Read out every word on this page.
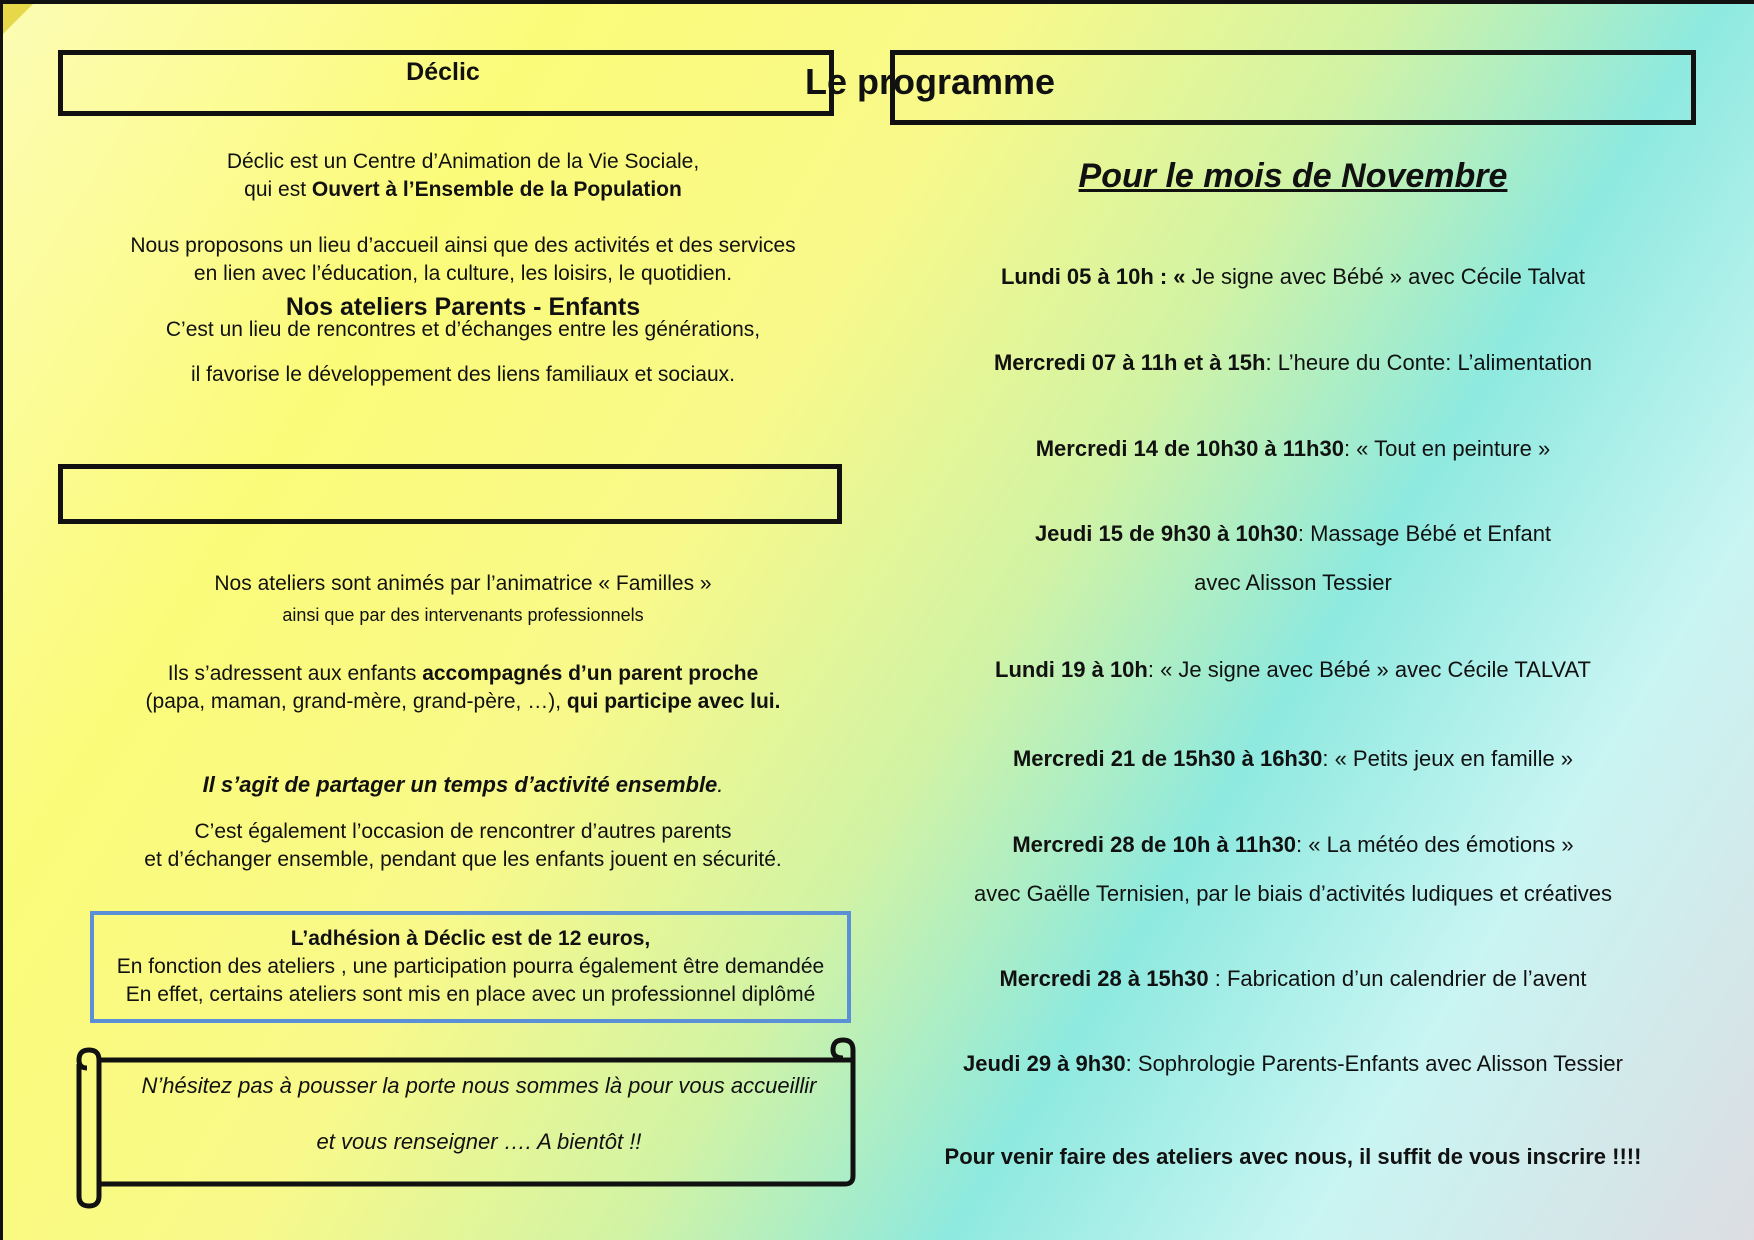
Déclic

Déclic est un Centre d’Animation de la Vie Sociale,

qui est Ouvert à l’Ensemble de la Population

Nous proposons un lieu d’accueil ainsi que des activités et des services

en lien avec l’éducation, la culture, les loisirs, le quotidien.

Nos ateliers Parents - Enfants

C’est un lieu de rencontres et d’échanges entre les générations,

il favorise le développement des liens familiaux et sociaux.

Nos ateliers sont animés par l’animatrice « Familles »

ainsi que par des intervenants professionnels

Ils s’adressent aux enfants accompagnés d’un parent proche

(papa, maman, grand-mère, grand-père, …), qui participe avec lui.

Il s’agit de partager un temps d’activité ensemble.

C’est également l’occasion de rencontrer d’autres parents

et d’échanger ensemble, pendant que les enfants jouent en sécurité.

L’adhésion à Déclic est de 12 euros,

En fonction des ateliers , une participation pourra également être demandée

En effet, certains ateliers sont mis en place avec un professionnel diplômé

N’hésitez pas à pousser la porte nous sommes là pour vous accueillir

et vous renseigner …. A bientôt !!

Le programme

Pour le mois de Novembre

Lundi 05 à 10h : « Je signe avec Bébé » avec Cécile Talvat

Mercredi 07 à 11h et à 15h: L’heure du Conte: L’alimentation

Mercredi 14 de 10h30 à 11h30: « Tout en peinture »

Jeudi 15 de 9h30 à 10h30: Massage Bébé et Enfant

avec Alisson Tessier

Lundi 19 à 10h: « Je signe avec Bébé » avec Cécile TALVAT

Mercredi 21 de 15h30 à 16h30: « Petits jeux en famille »

Mercredi 28 de 10h à 11h30: « La météo des émotions »

avec Gaëlle Ternisien, par le biais d’activités ludiques et créatives

Mercredi 28 à 15h30 : Fabrication d’un calendrier de l’avent

Jeudi 29 à 9h30: Sophrologie Parents-Enfants avec Alisson Tessier

Pour venir faire des ateliers avec nous, il suffit de vous inscrire !!!!
